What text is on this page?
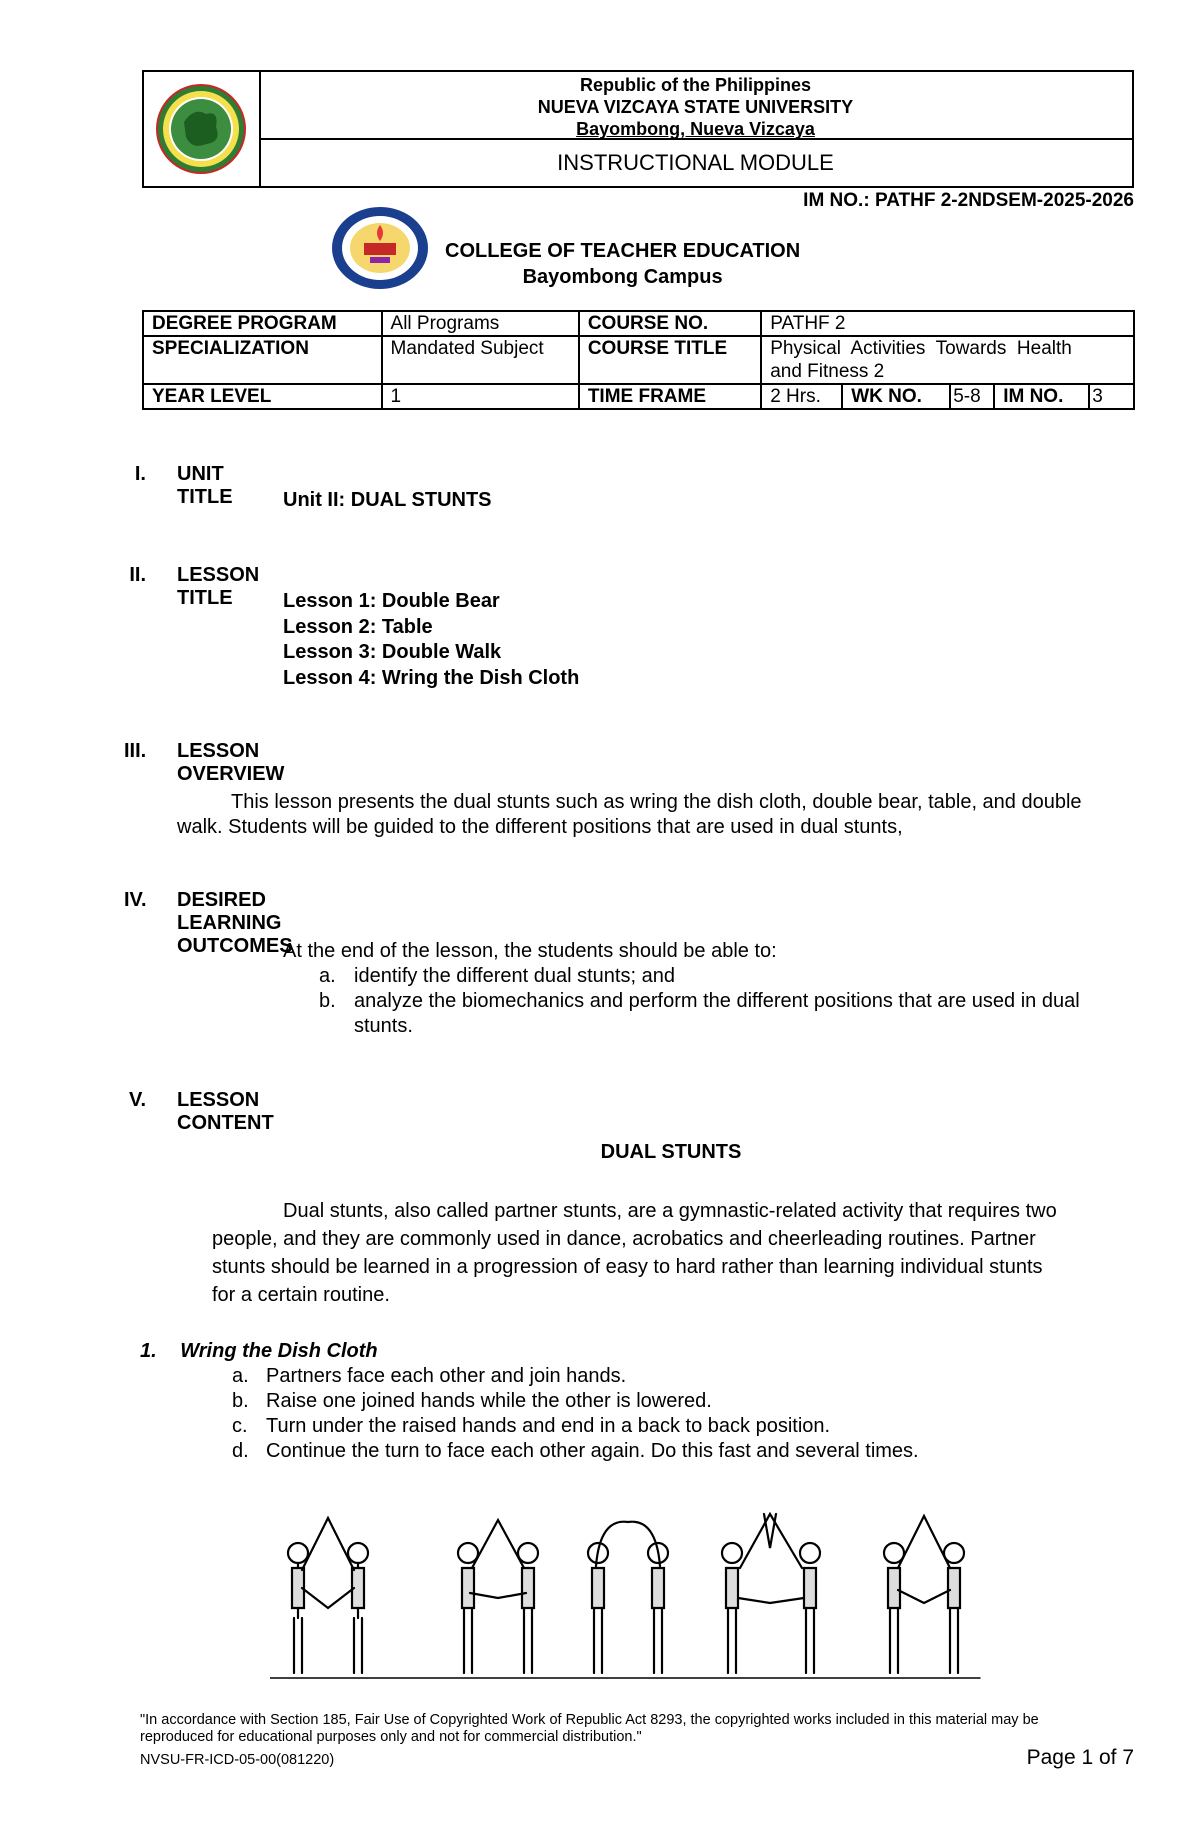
Republic of the Philippines
NUEVA VIZCAYA STATE UNIVERSITY
Bayombong, Nueva Vizcaya
INSTRUCTIONAL MODULE
IM NO.: PATHF 2-2NDSEM-2025-2026
COLLEGE OF TEACHER EDUCATION
Bayombong Campus
DEGREE PROGRAM	All Programs	COURSE NO.	PATHF 2
SPECIALIZATION	Mandated Subject	COURSE TITLE	Physical  Activities  Towards  Health
and Fitness 2

YEAR LEVEL	1	TIME FRAME	2 Hrs. WK NO. 5-8 IM NO. 3
I. UNIT TITLE	Unit II: DUAL STUNTS
II. LESSON TITLE	Lesson 1: Double Bear
Lesson 2: Table
Lesson 3: Double Walk
Lesson 4: Wring the Dish Cloth
III. LESSON OVERVIEW
This lesson presents the dual stunts such as wring the dish cloth, double bear, table, and double
walk. Students will be guided to the different positions that are used in dual stunts,
IV. DESIRED LEARNING OUTCOMES
At the end of the lesson, the students should be able to:
a. identify the different dual stunts; and
b. analyze the biomechanics and perform the different positions that are used in dual
stunts.
V. LESSON CONTENT
DUAL STUNTS
Dual stunts, also called partner stunts, are a gymnastic-related activity that requires two
people, and they are commonly used in dance, acrobatics and cheerleading routines. Partner
stunts should be learned in a progression of easy to hard rather than learning individual stunts
for a certain routine.
1. Wring the Dish Cloth
a. Partners face each other and join hands.
b. Raise one joined hands while the other is lowered.
c. Turn under the raised hands and end in a back to back position.
d. Continue the turn to face each other again. Do this fast and several times.
"In accordance with Section 185, Fair Use of Copyrighted Work of Republic Act 8293, the copyrighted works included in this material may be
reproduced for educational purposes only and not for commercial distribution."
NVSU-FR-ICD-05-00(081220)	Page 1 of 7
